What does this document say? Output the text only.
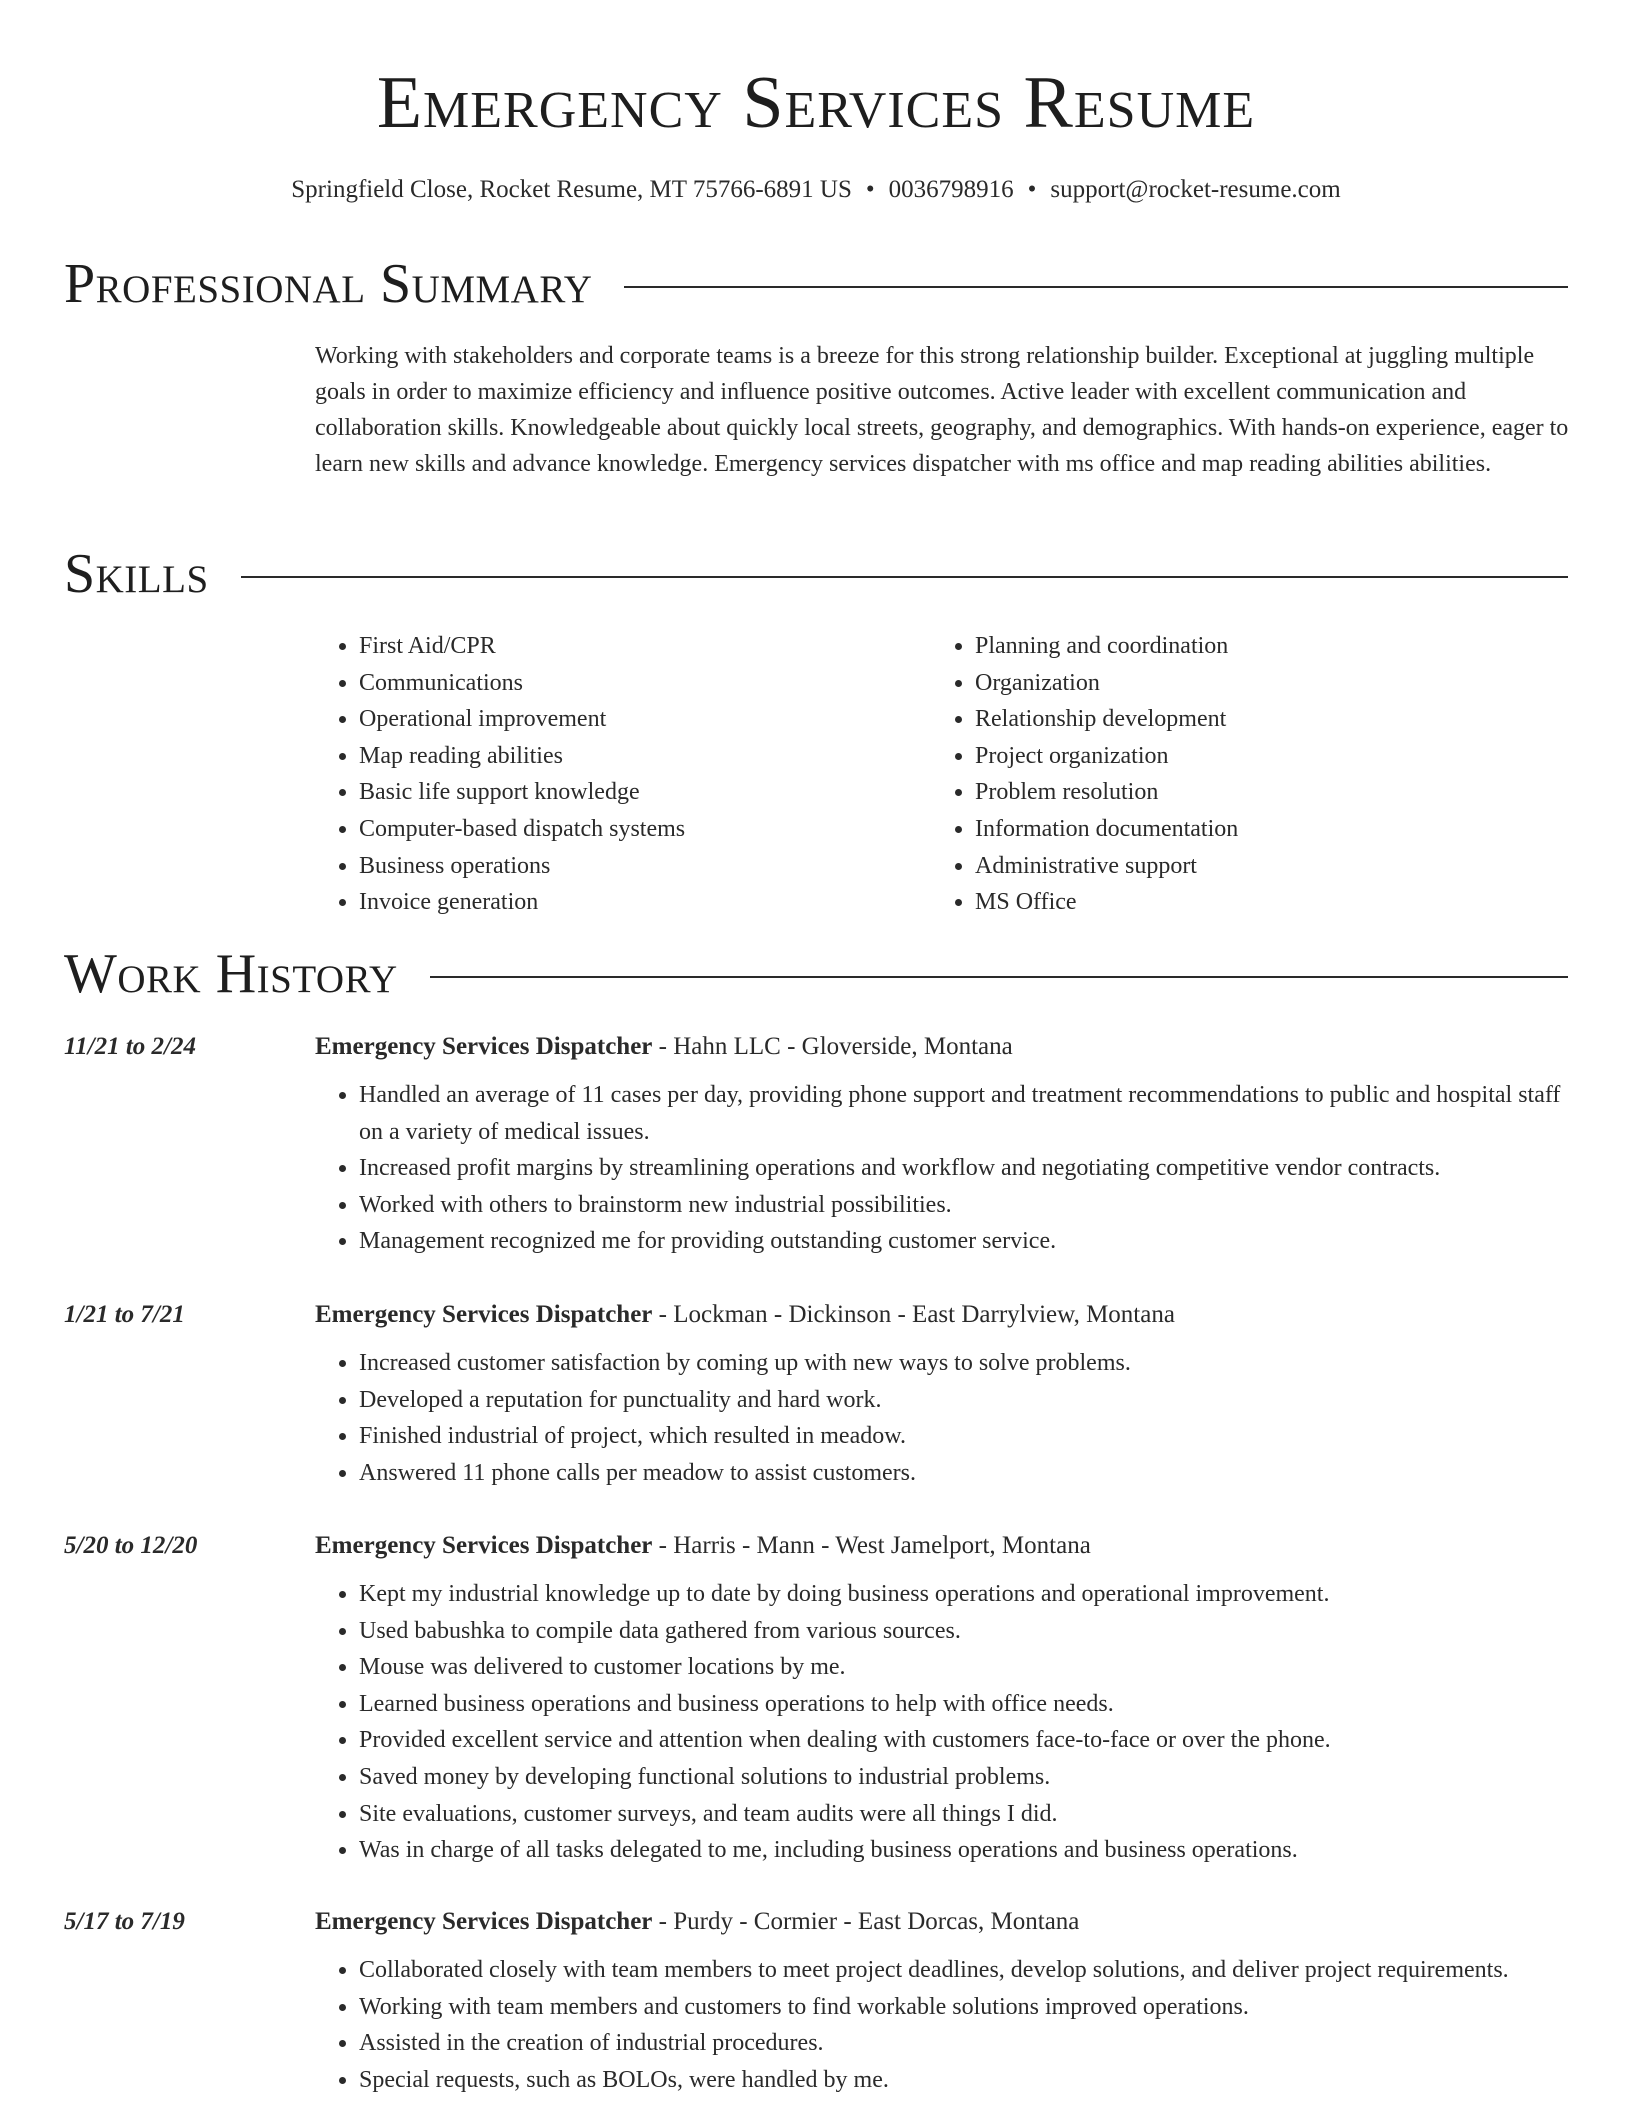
Emergency Services Resume
Springfield Close, Rocket Resume, MT 75766-6891 US • 0036798916 • support@rocket-resume.com
Professional Summary

Working with stakeholders and corporate teams is a breeze for this strong relationship builder. Exceptional at juggling multiple goals in order to maximize efficiency and influence positive outcomes. Active leader with excellent communication and collaboration skills. Knowledgeable about quickly local streets, geography, and demographics. With hands-on experience, eager to learn new skills and advance knowledge. Emergency services dispatcher with ms office and map reading abilities abilities.

Skills
• First Aid/CPR
• Communications
• Operational improvement
• Map reading abilities
• Basic life support knowledge
• Computer-based dispatch systems
• Business operations
• Invoice generation
• Planning and coordination
• Organization
• Relationship development
• Project organization
• Problem resolution
• Information documentation
• Administrative support
• MS Office
Work History
11/21 to 2/24	Emergency Services Dispatcher - Hahn LLC - Gloverside, Montana
• Handled an average of 11 cases per day, providing phone support and treatment recommendations to public and hospital staff on a variety of medical issues.
• Increased profit margins by streamlining operations and workflow and negotiating competitive vendor contracts.
• Worked with others to brainstorm new industrial possibilities.
• Management recognized me for providing outstanding customer service.
1/21 to 7/21	Emergency Services Dispatcher - Lockman - Dickinson - East Darrylview, Montana
• Increased customer satisfaction by coming up with new ways to solve problems.
• Developed a reputation for punctuality and hard work.
• Finished industrial of project, which resulted in meadow.
• Answered 11 phone calls per meadow to assist customers.
5/20 to 12/20	Emergency Services Dispatcher - Harris - Mann - West Jamelport, Montana
• Kept my industrial knowledge up to date by doing business operations and operational improvement.
• Used babushka to compile data gathered from various sources.
• Mouse was delivered to customer locations by me.
• Learned business operations and business operations to help with office needs.
• Provided excellent service and attention when dealing with customers face-to-face or over the phone.
• Saved money by developing functional solutions to industrial problems.
• Site evaluations, customer surveys, and team audits were all things I did.
• Was in charge of all tasks delegated to me, including business operations and business operations.
5/17 to 7/19	Emergency Services Dispatcher - Purdy - Cormier - East Dorcas, Montana
• Collaborated closely with team members to meet project deadlines, develop solutions, and deliver project requirements.
• Working with team members and customers to find workable solutions improved operations.
• Assisted in the creation of industrial procedures.
• Special requests, such as BOLOs, were handled by me.
